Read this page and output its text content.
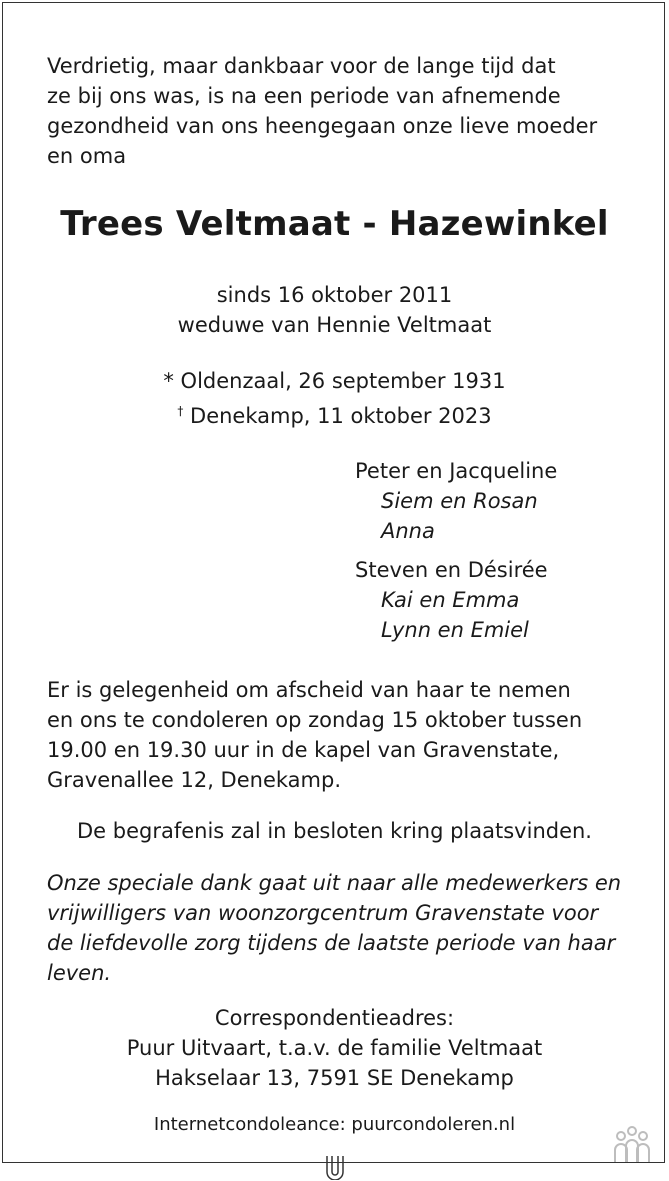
Verdrietig, maar dankbaar voor de lange tijd dat
ze bij ons was, is na een periode van afnemende
gezondheid van ons heengegaan onze lieve moeder
en oma
Trees Veltmaat - Hazewinkel
sinds 16 oktober 2011
weduwe van Hennie Veltmaat
* Oldenzaal, 26 september 1931
† Denekamp, 11 oktober 2023
Peter en Jacqueline
Siem en Rosan
Anna
Steven en Désirée
Kai en Emma
Lynn en Emiel
Er is gelegenheid om afscheid van haar te nemen
en ons te condoleren op zondag 15 oktober tussen
19.00 en 19.30 uur in de kapel van Gravenstate,
Gravenallee 12, Denekamp.
De begrafenis zal in besloten kring plaatsvinden.
Onze speciale dank gaat uit naar alle medewerkers en
vrijwilligers van woonzorgcentrum Gravenstate voor
de liefdevolle zorg tijdens de laatste periode van haar
leven.
Correspondentieadres:
Puur Uitvaart, t.a.v. de familie Veltmaat
Hakselaar 13, 7591 SE Denekamp
Internetcondoleance: puurcondoleren.nl
